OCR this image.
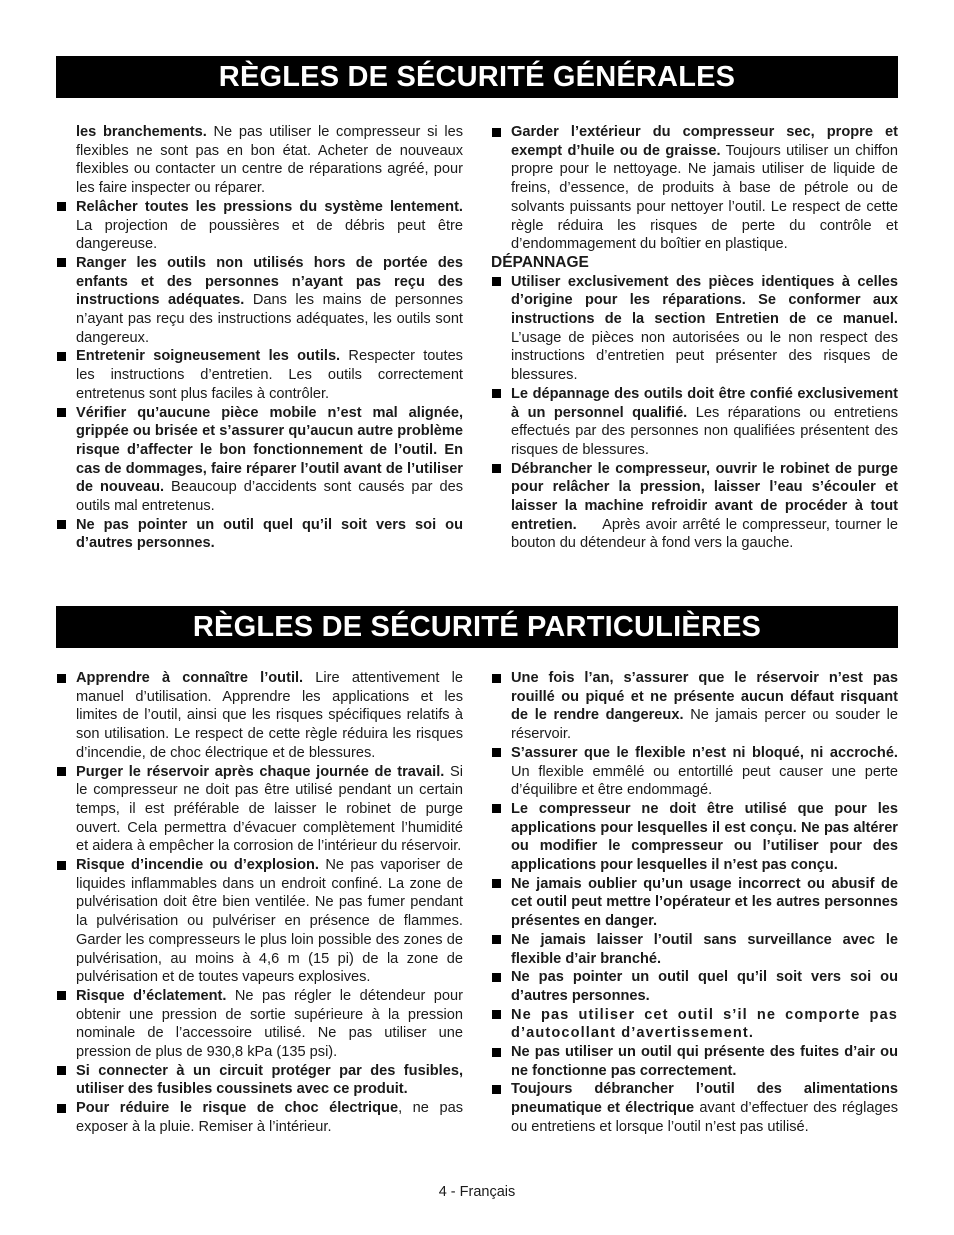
RÈGLES DE SÉCURITÉ GÉNÉRALES

les branchements. Ne pas utiliser le compresseur si les flexibles ne sont pas en bon état. Acheter de nouveaux flexibles ou contacter un centre de réparations agréé, pour les faire inspecter ou réparer.

Relâcher toutes les pressions du système lentement. La projection de poussières et de débris peut être dangereuse.

Ranger les outils non utilisés hors de portée des enfants et des personnes n’ayant pas reçu des instructions adéquates. Dans les mains de personnes n’ayant pas reçu des instructions adéquates, les outils sont dangereux.

Entretenir soigneusement les outils. Respecter toutes les instructions d’entretien. Les outils correctement entretenus sont plus faciles à contrôler.

Vérifier qu’aucune pièce mobile n’est mal alignée, grippée ou brisée et s’assurer qu’aucun autre problème risque d’affecter le bon fonctionnement de l’outil. En cas de dommages, faire réparer l’outil avant de l’utiliser de nouveau. Beaucoup d’accidents sont causés par des outils mal entretenus.

Ne pas pointer un outil quel qu’il soit vers soi ou d’autres personnes.

Garder l’extérieur du compresseur sec, propre et exempt d’huile ou de graisse. Toujours utiliser un chiffon propre pour le nettoyage. Ne jamais utiliser de liquide de freins, d’essence, de produits à base de pétrole ou de solvants puissants pour nettoyer l’outil. Le respect de cette règle réduira les risques de perte du contrôle et d’endommagement du boîtier en plastique.

DÉPANNAGE

Utiliser exclusivement des pièces identiques à celles d’origine pour les réparations. Se conformer aux instructions de la section Entretien de ce manuel. L’usage de pièces non autorisées ou le non respect des instructions d’entretien peut présenter des risques de blessures.

Le dépannage des outils doit être confié exclusivement à un personnel qualifié. Les réparations ou entretiens effectués par des personnes non qualifiées présentent des risques de blessures.

Débrancher le compresseur, ouvrir le robinet de purge pour relâcher la pression, laisser l’eau s’écouler et laisser la machine refroidir avant de procéder à tout entretien.     Après avoir arrêté le compresseur, tourner le bouton du détendeur à fond vers la gauche.

RÈGLES DE SÉCURITÉ PARTICULIÈRES

Apprendre à connaître l’outil. Lire attentivement le manuel d’utilisation. Apprendre les applications et les limites de l’outil, ainsi que les risques spécifiques relatifs à son utilisation. Le respect de cette règle réduira les risques d’incendie, de choc électrique et de blessures.

Purger le réservoir après chaque journée de travail. Si le compresseur ne doit pas être utilisé pendant un certain temps, il est préférable de laisser le robinet de purge ouvert. Cela permettra d’évacuer complètement l’humidité et aidera à empêcher la corrosion de l’intérieur du réservoir.

Risque d’incendie ou d’explosion. Ne pas vaporiser de liquides inflammables dans un endroit confiné. La zone de pulvérisation doit être bien ventilée. Ne pas fumer pendant la pulvérisation ou pulvériser en présence de flammes. Garder les compresseurs le plus loin possible des zones de pulvérisation, au moins à 4,6 m (15 pi) de la zone de pulvérisation et de toutes vapeurs explosives.

Risque d’éclatement. Ne pas régler le détendeur pour obtenir une pression de sortie supérieure à la pression nominale de l’accessoire utilisé. Ne pas utiliser une pression de plus de 930,8 kPa (135 psi).

Si connecter à un circuit protéger par des fusibles, utiliser des fusibles coussinets avec ce produit.

Pour réduire le risque de choc électrique, ne pas exposer à la pluie. Remiser à l’intérieur.

Une fois l’an, s’assurer que le réservoir n’est pas rouillé ou piqué et ne présente aucun défaut risquant de le rendre dangereux. Ne jamais percer ou souder le réservoir.

S’assurer que le flexible n’est ni bloqué, ni accroché. Un flexible emmêlé ou entortillé peut causer une perte d’équilibre et être endommagé.

Le compresseur ne doit être utilisé que pour les applications pour lesquelles il est conçu. Ne pas altérer ou modifier le compresseur ou l’utiliser pour des applications pour lesquelles il n’est pas conçu.

Ne jamais oublier qu’un usage incorrect ou abusif de cet outil peut mettre l’opérateur et les autres personnes présentes en danger.

Ne jamais laisser l’outil sans surveillance avec le flexible d’air branché.

Ne pas pointer un outil quel qu’il soit vers soi ou d’autres personnes.

Ne pas utiliser cet outil s’il ne comporte pas d’autocollant d’avertissement.

Ne pas utiliser un outil qui présente des fuites d’air ou ne fonctionne pas correctement.

Toujours débrancher l’outil des alimentations pneumatique et électrique avant d’effectuer des réglages ou entretiens et lorsque l’outil n’est pas utilisé.

4 - Français
